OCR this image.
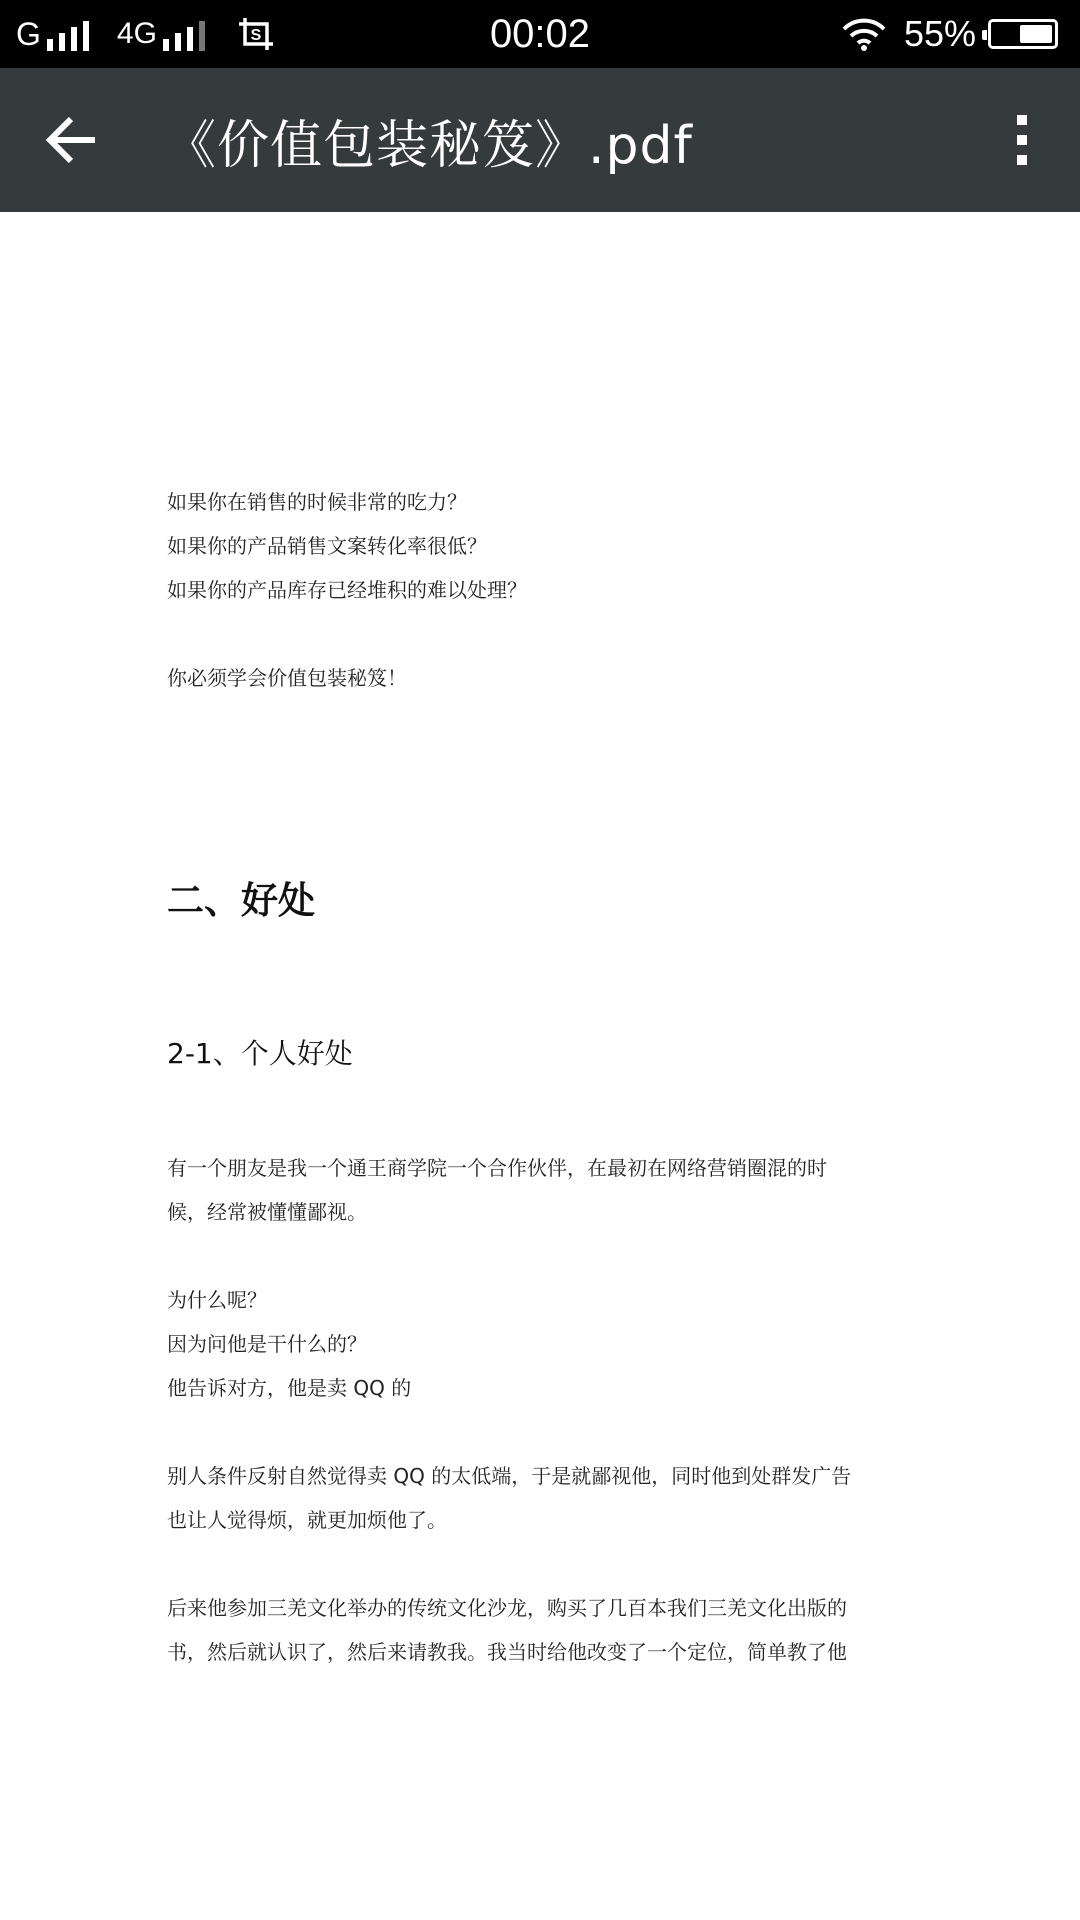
G	4G	S	00:02	55%
《价值包装秘笈》.pdf
如果你在销售的时候非常的吃力？
如果你的产品销售文案转化率很低？
如果你的产品库存已经堆积的难以处理？
你必须学会价值包装秘笈！
二、好处
2-1、个人好处
有一个朋友是我一个通王商学院一个合作伙伴，在最初在网络营销圈混的时
候，经常被懂懂鄙视。
为什么呢？
因为问他是干什么的？
他告诉对方，他是卖 QQ 的
别人条件反射自然觉得卖 QQ 的太低端，于是就鄙视他，同时他到处群发广告
也让人觉得烦，就更加烦他了。
后来他参加三羌文化举办的传统文化沙龙，购买了几百本我们三羌文化出版的
书，然后就认识了，然后来请教我。我当时给他改变了一个定位，简单教了他
